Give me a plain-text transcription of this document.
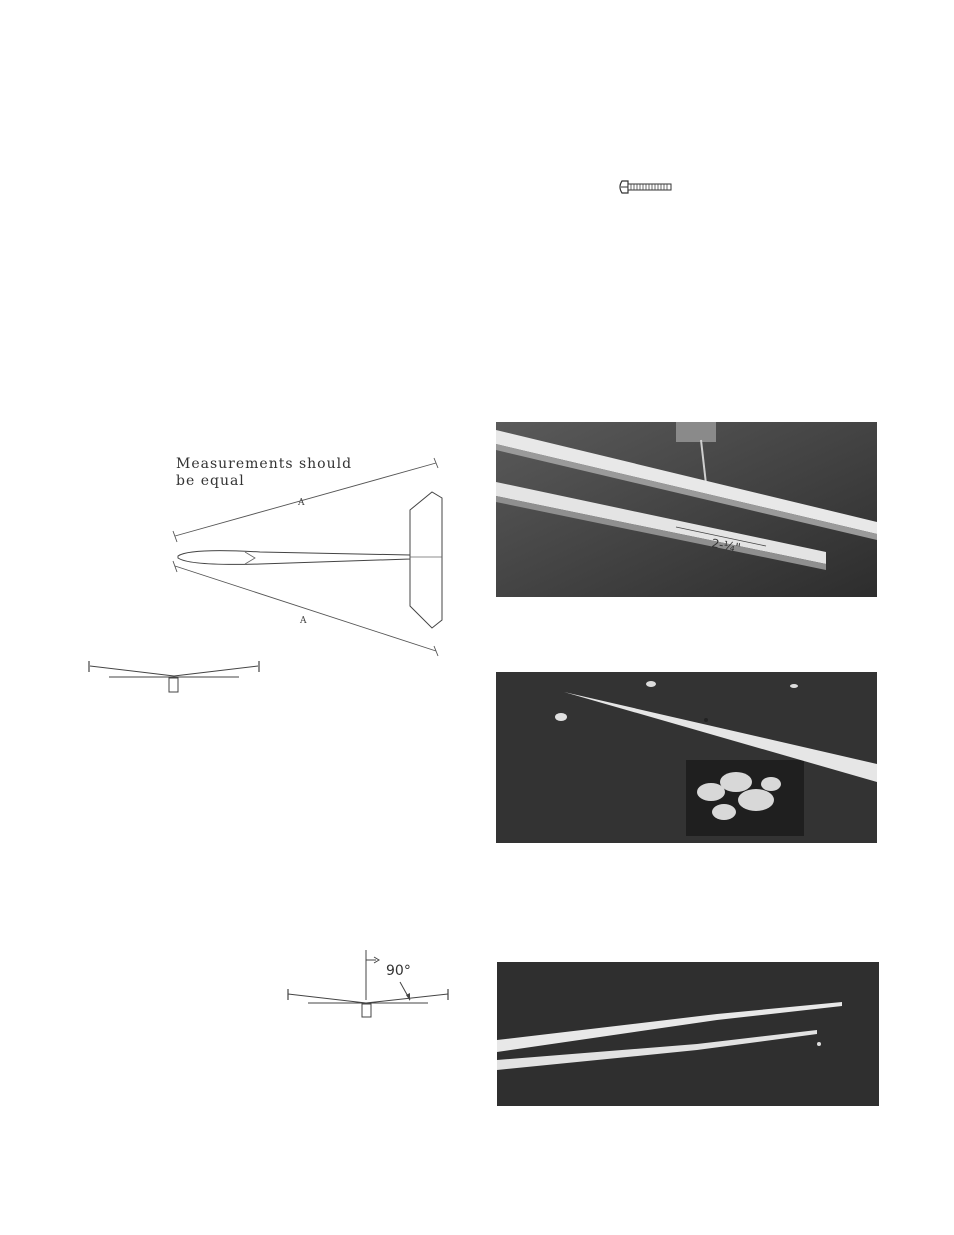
Measurements should
be equal
A
A
90°
2-¼"
